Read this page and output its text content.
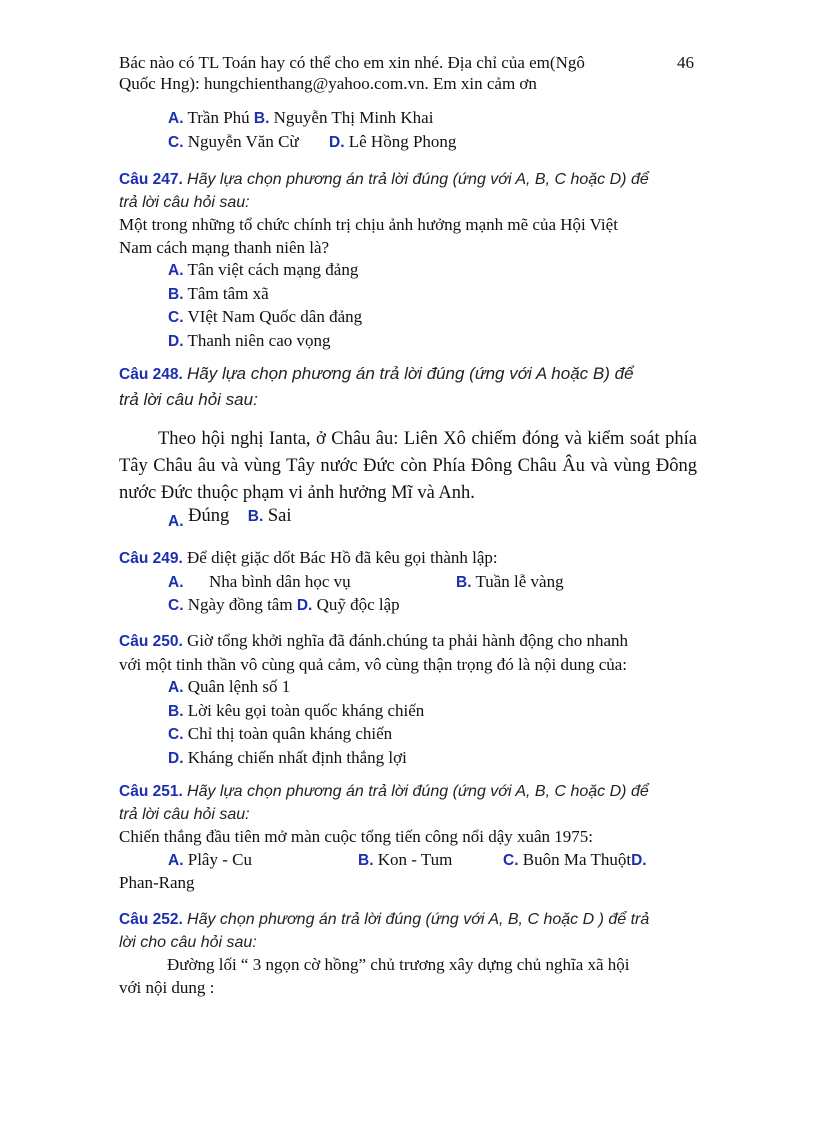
Bác nào có TL Toán hay có thể cho em xin nhé. Địa chỉ của em(Ngô
Quốc Hng): hungchienthang@yahoo.com.vn. Em xin cảm ơn
46
A. Trần Phú B. Nguyễn Thị Minh Khai
C. Nguyễn Văn Cừ D. Lê Hồng Phong
Câu 247. Hãy lựa chọn phương án trả lời đúng (ứng với A, B, C hoặc D) để
trả lời câu hỏi sau:
Một trong những tổ chức chính trị chịu ảnh hưởng mạnh mẽ của Hội Việt
Nam cách mạng thanh niên là?
A. Tân việt cách mạng đảng
B. Tâm tâm xã
C. VIệt Nam Quốc dân đảng
D. Thanh niên cao vọng
Câu 248. Hãy lựa chọn phương án trả lời đúng (ứng với A hoặc B) để
trả lời câu hỏi sau:
Theo hội nghị Ianta, ở Châu âu: Liên Xô chiếm đóng và kiểm soát phía Tây Châu âu và vùng Tây nước Đức còn Phía Đông Châu Âu và vùng Đông nước Đức thuộc phạm vi ảnh hưởng Mĩ và Anh.
$_{A.}$ Đúng B. Sai
Câu 249. Để diệt giặc dốt Bác Hồ đã kêu gọi thành lập:
A. Nha bình dân học vụ	B. Tuần lễ vàng
C. Ngày đồng tâm D. Quỹ độc lập
Câu 250. Giờ tổng khởi nghĩa đã đánh.chúng ta phải hành động cho nhanh
với một tinh thần vô cùng quả cảm, vô cùng thận trọng đó là nội dung của:
A. Quân lệnh số 1
B. Lời kêu gọi toàn quốc kháng chiến
C. Chỉ thị toàn quân kháng chiến
D. Kháng chiến nhất định thắng lợi
Câu 251. Hãy lựa chọn phương án trả lời đúng (ứng với A, B, C hoặc D) để
trả lời câu hỏi sau:
Chiến thắng đầu tiên mở màn cuộc tổng tiến công nổi dậy xuân 1975:
A. Plây - Cu	B. Kon - Tum	C. Buôn Ma ThuộtD.
Phan-Rang
Câu 252. Hãy chọn phương án trả lời đúng (ứng với A, B, C hoặc D ) để trả
lời cho câu hỏi sau:
Đường lối “ 3 ngọn cờ hồng” chủ trương xây dựng chủ nghĩa xã hội
với nội dung :
